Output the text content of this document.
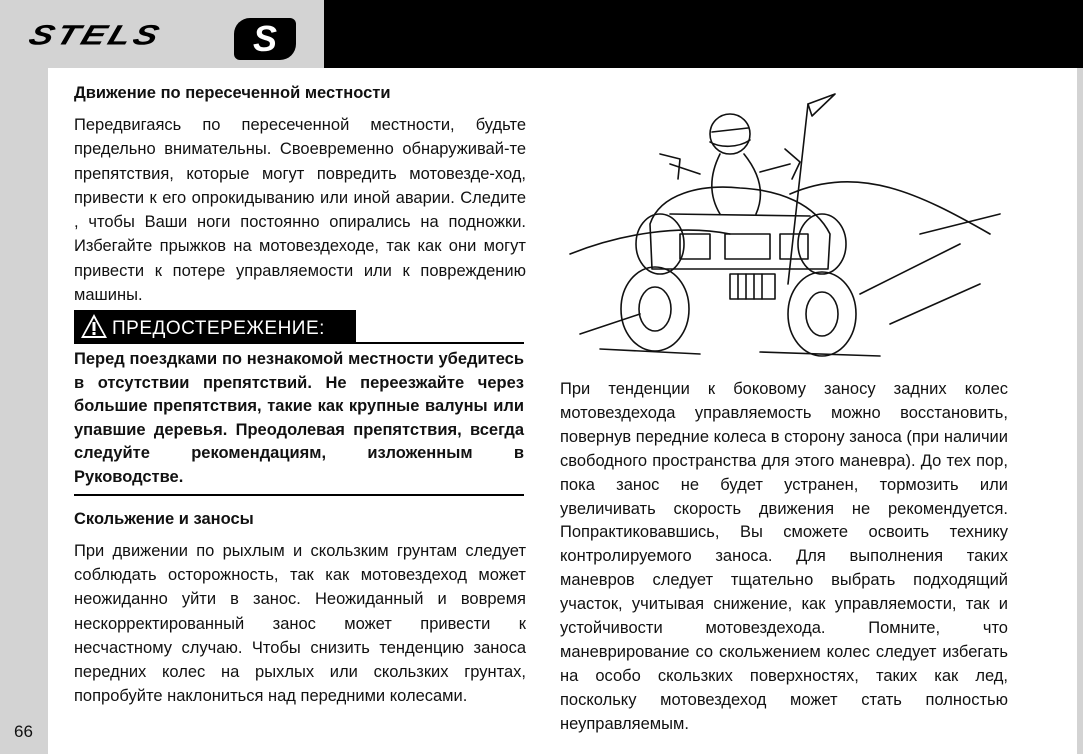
STELS	S
66

Движение по пересеченной местности

Передвигаясь по пересеченной местности, будьте предельно внимательны. Своевременно обнаруживай-те препятствия, которые могут повредить мотовезде-ход, привести к его опрокидыванию или иной аварии. Следите , чтобы Ваши ноги постоянно опирались на подножки. Избегайте прыжков на мотовездеходе, так как они могут привести к потере управляемости или к повреждению машины.

ПРЕДОСТЕРЕЖЕНИЕ:
Перед поездками по незнакомой местности убедитесь в отсутствии препятствий. Не переезжайте через большие препятствия, такие как крупные валуны или упавшие деревья. Преодолевая препятствия, всегда следуйте рекомендациям, изложенным в Руководстве.

Скольжение и заносы

При движении по рыхлым и скользким грунтам следует соблюдать осторожность, так как мотовездеход может неожиданно уйти в занос. Неожиданный и вовремя нескорректированный занос может привести к несчастному случаю. Чтобы снизить тенденцию заноса передних колес на рыхлых или скользких грунтах, попробуйте наклониться над передними колесами.

При тенденции к боковому заносу задних колес мотовездехода управляемость можно восстановить, повернув передние колеса в сторону заноса (при наличии свободного пространства для этого маневра). До тех пор, пока занос не будет устранен, тормозить или увеличивать скорость движения не рекомендуется. Попрактиковавшись, Вы сможете освоить технику контролируемого заноса. Для выполнения таких маневров следует тщательно выбрать подходящий участок, учитывая снижение, как управляемости, так и устойчивости мотовездехода. Помните, что маневрирование со скольжением колес следует избегать на особо скользких поверхностях, таких как лед, поскольку мотовездеход может стать полностью неуправляемым.
